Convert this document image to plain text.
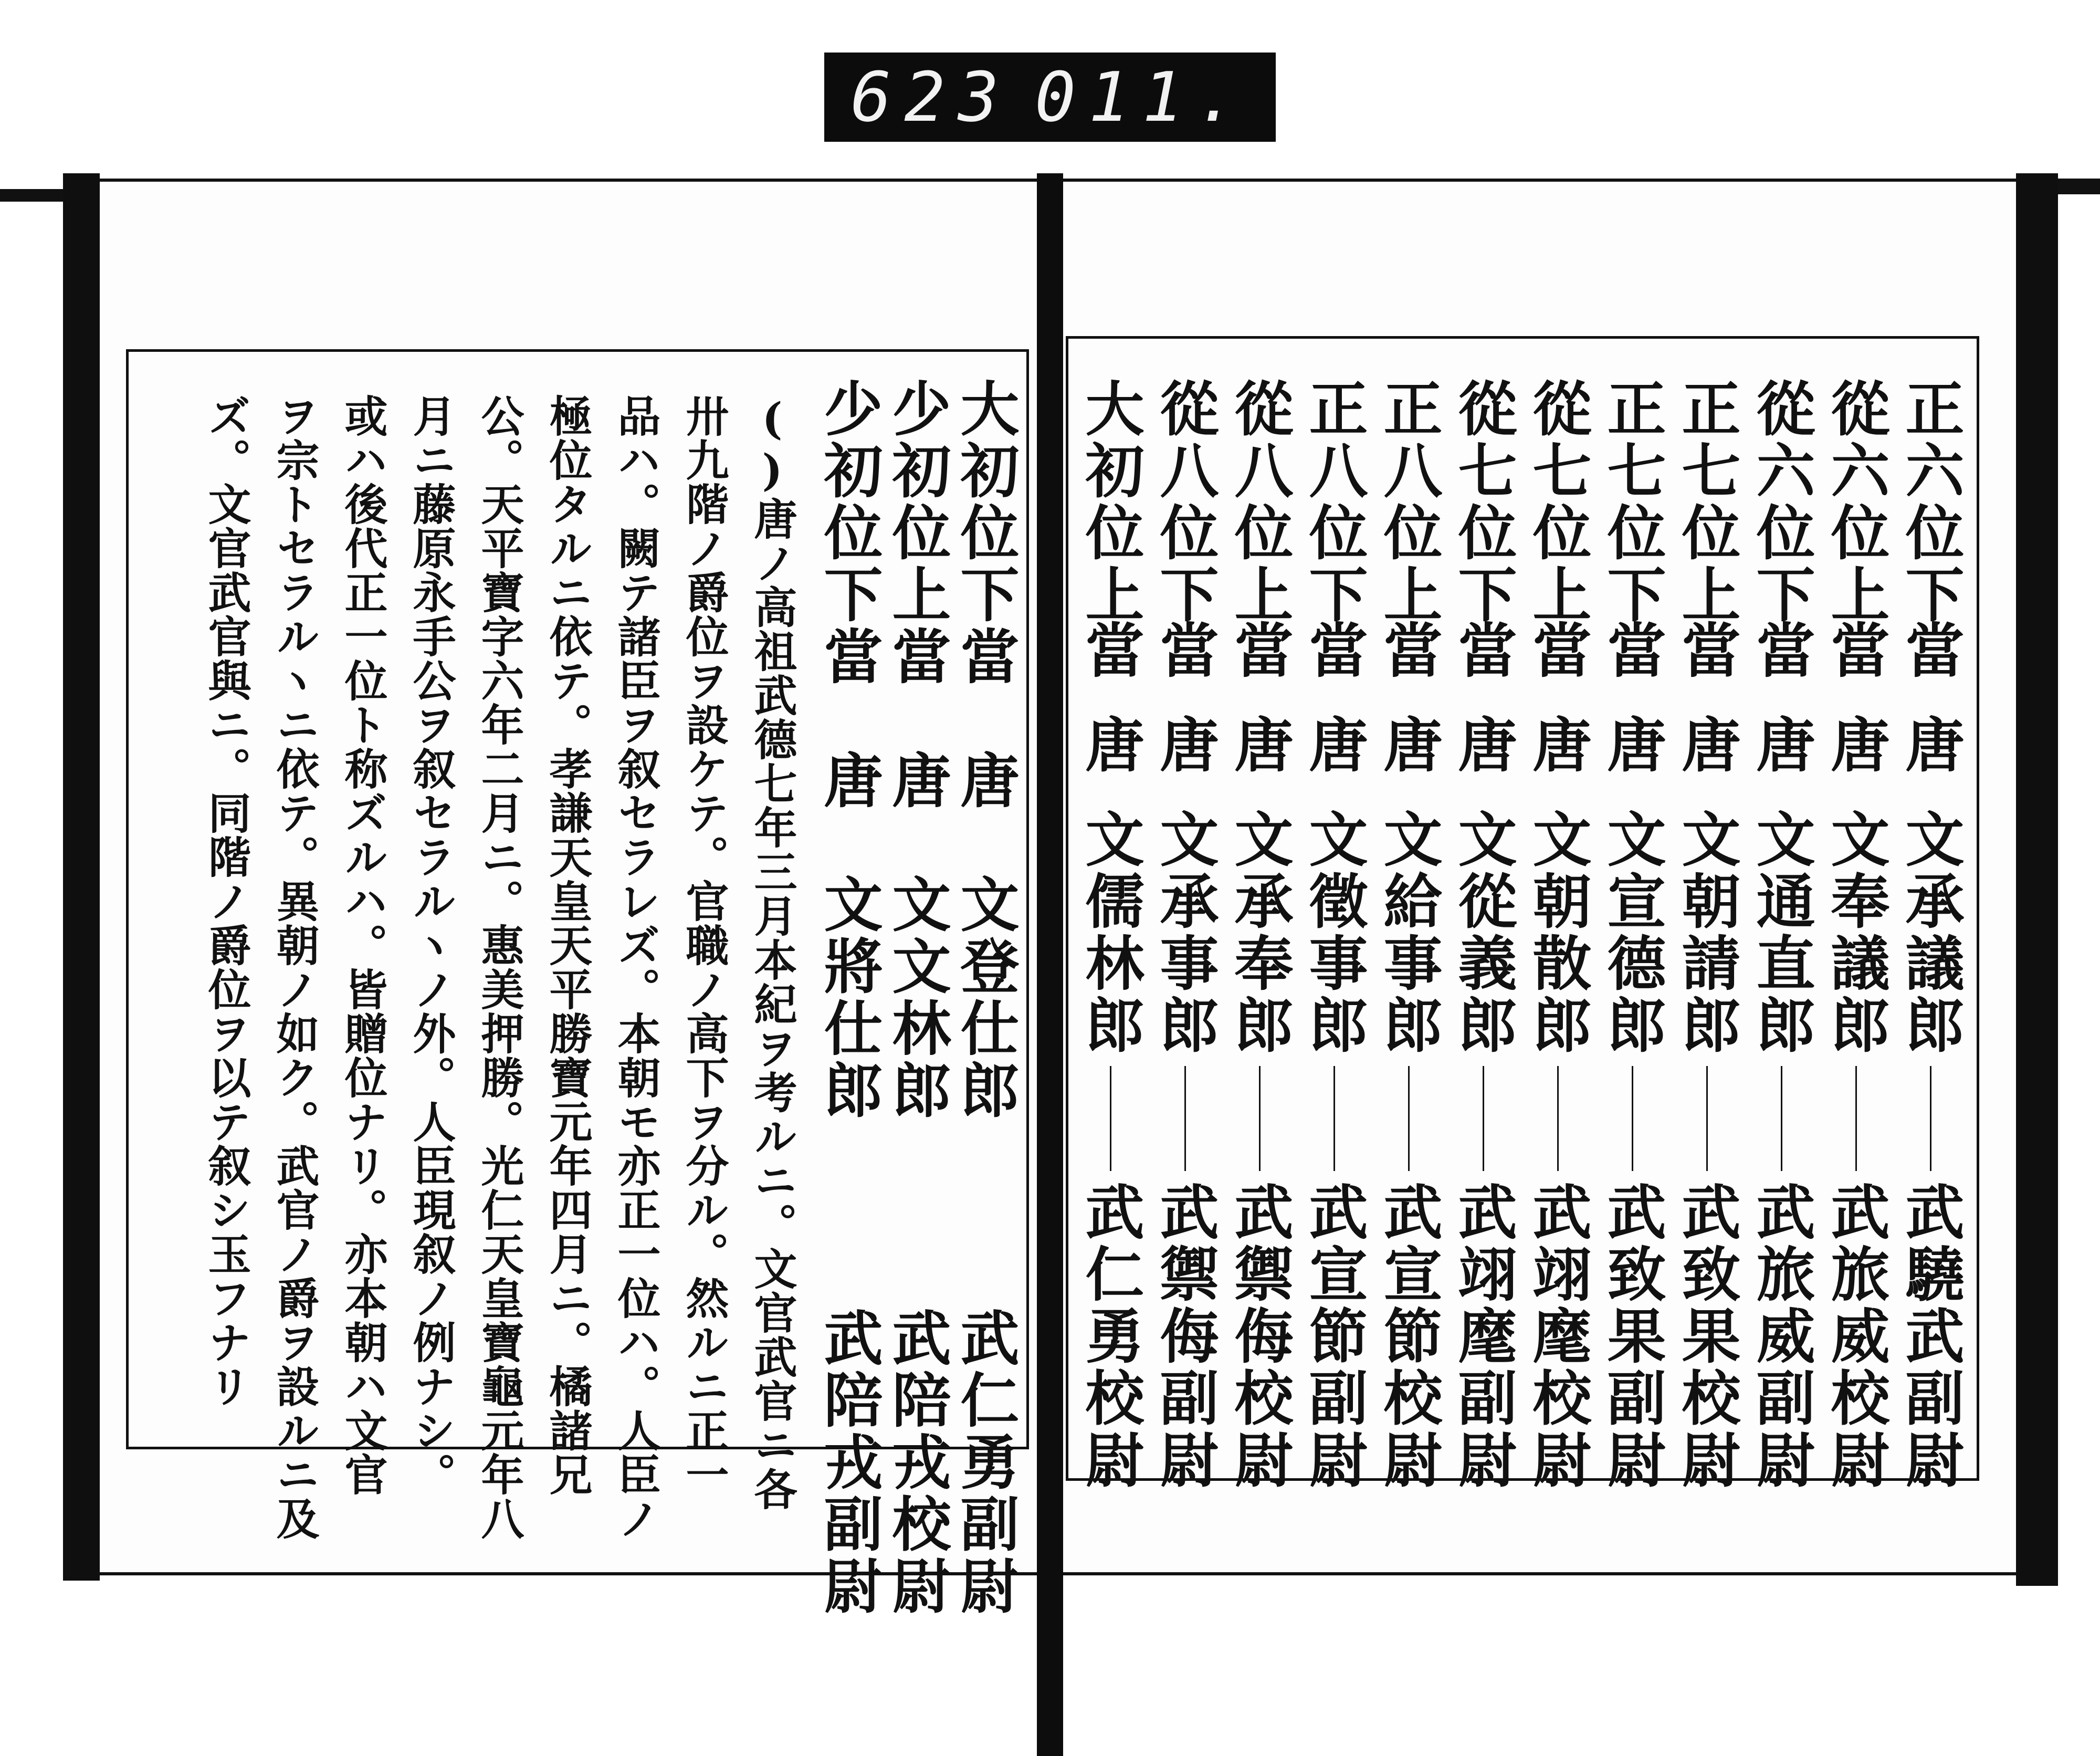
623 011.
正六位下
當
唐
文承議郎
武驍武副尉
從六位上
當
唐
文奉議郎
武旅威校尉
從六位下
當
唐
文通直郎
武旅威副尉
正七位上
當
唐
文朝請郎
武致果校尉
正七位下
當
唐
文宣德郎
武致果副尉
從七位上
當
唐
文朝散郎
武翊麾校尉
從七位下
當
唐
文從義郎
武翊麾副尉
正八位上
當
唐
文給事郎
武宣節校尉
正八位下
當
唐
文徵事郎
武宣節副尉
從八位上
當
唐
文承奉郎
武禦侮校尉
從八位下
當
唐
文承事郎
武禦侮副尉
大初位上
當
唐
文儒林郎
武仁勇校尉
大初位下當　唐　文登仕郎　　　武仁勇副尉
少初位上當　唐　文文林郎　　　武陪戎校尉
少初位下當　唐　文將仕郎　　　武陪戎副尉
()唐ノ高祖武德七年三月本紀ヲ考ルニ。文官武官ニ各
卅九階ノ爵位ヲ設ケテ。官職ノ高下ヲ分ル。然ルニ正一
品ハ。闕テ諸臣ヲ叙セラレズ。本朝モ亦正一位ハ。人臣ノ
極位タルニ依テ。孝謙天皇天平勝寶元年四月ニ。橘諸兄
公。天平寶字六年二月ニ。惠美押勝。光仁天皇寶龜元年八
月ニ藤原永手公ヲ叙セラルヽノ外。人臣現叙ノ例ナシ。
或ハ後代正一位ト称ズルハ。皆贈位ナリ。亦本朝ハ文官
ヲ宗トセラルヽニ依テ。異朝ノ如ク。武官ノ爵ヲ設ルニ及
ズ。文官武官與ニ。同階ノ爵位ヲ以テ叙シ玉フナリ
